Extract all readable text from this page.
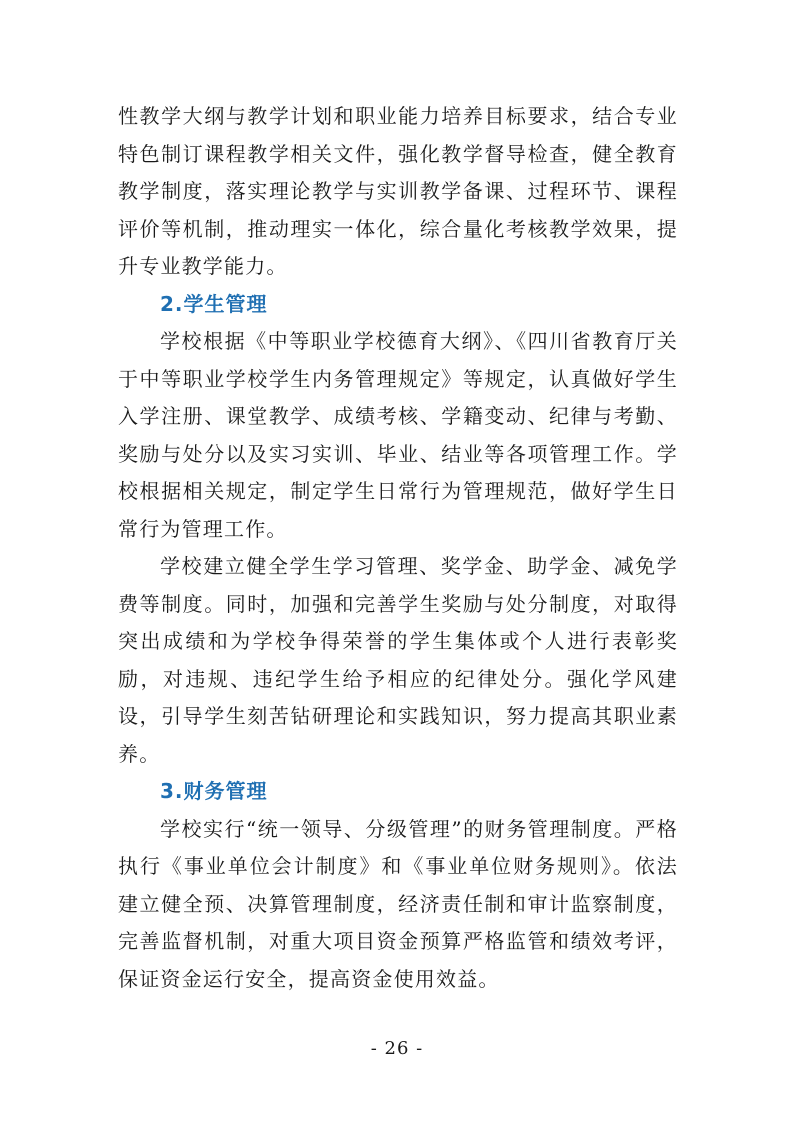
性教学大纲与教学计划和职业能力培养目标要求，结合专业特色制订课程教学相关文件，强化教学督导检查，健全教育教学制度，落实理论教学与实训教学备课、过程环节、课程评价等机制，推动理实一体化，综合量化考核教学效果，提升专业教学能力。

2.学生管理

学校根据《中等职业学校德育大纲》、《四川省教育厅关于中等职业学校学生内务管理规定》等规定，认真做好学生入学注册、课堂教学、成绩考核、学籍变动、纪律与考勤、奖励与处分以及实习实训、毕业、结业等各项管理工作。学校根据相关规定，制定学生日常行为管理规范，做好学生日常行为管理工作。

学校建立健全学生学习管理、奖学金、助学金、减免学费等制度。同时，加强和完善学生奖励与处分制度，对取得突出成绩和为学校争得荣誉的学生集体或个人进行表彰奖励，对违规、违纪学生给予相应的纪律处分。强化学风建设，引导学生刻苦钻研理论和实践知识，努力提高其职业素养。

3.财务管理

学校实行“统一领导、分级管理”的财务管理制度。严格执行《事业单位会计制度》和《事业单位财务规则》。依法建立健全预、决算管理制度，经济责任制和审计监察制度，完善监督机制，对重大项目资金预算严格监管和绩效考评，保证资金运行安全，提高资金使用效益。

- 26 -
